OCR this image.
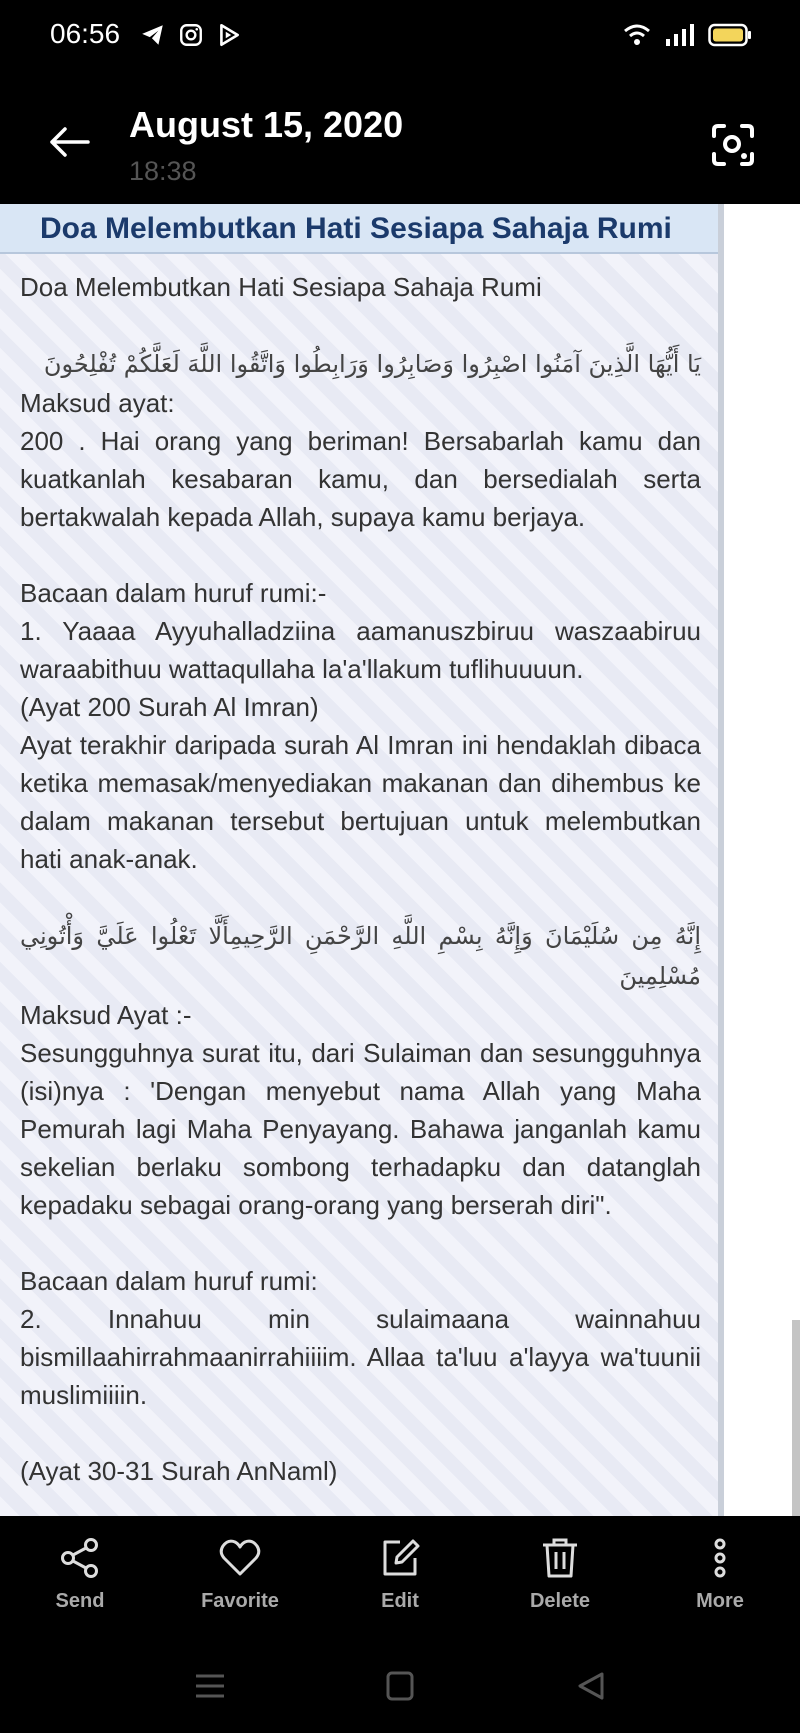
06:56
August 15, 2020
18:38
Doa Melembutkan Hati Sesiapa Sahaja Rumi

Doa Melembutkan Hati Sesiapa Sahaja Rumi

يَا أَيُّهَا الَّذِينَ آمَنُوا اصْبِرُوا وَصَابِرُوا وَرَابِطُوا وَاتَّقُوا اللَّهَ لَعَلَّكُمْ تُفْلِحُونَ

Maksud ayat:

200 . Hai orang yang beriman! Bersabarlah kamu dan kuatkanlah kesabaran kamu, dan bersedialah serta bertakwalah kepada Allah, supaya kamu berjaya.

Bacaan dalam huruf rumi:-

1. Yaaaa Ayyuhalladziina aamanuszbiruu waszaabiruu waraabithuu wattaqullaha la'a'llakum tuflihuuuun.

(Ayat 200 Surah Al Imran)

Ayat terakhir daripada surah Al Imran ini hendaklah dibaca ketika memasak/menyediakan makanan dan dihembus ke dalam makanan tersebut bertujuan untuk melembutkan hati anak-anak.

إِنَّهُ مِن سُلَيْمَانَ وَإِنَّهُ بِسْمِ اللَّهِ الرَّحْمَنِ الرَّحِيمِأَلَّا تَعْلُوا عَلَيَّ وَأْتُونِي مُسْلِمِينَ

Maksud Ayat :-

Sesungguhnya surat itu, dari Sulaiman dan sesungguhnya (isi)nya : 'Dengan menyebut nama Allah yang Maha Pemurah lagi Maha Penyayang. Bahawa janganlah kamu sekelian berlaku sombong terhadapku dan datanglah kepadaku sebagai orang-orang yang berserah diri".

Bacaan dalam huruf rumi:

2. Innahuu min sulaimaana wainnahuu bismillaahirrahmaanirrahiiiim. Allaa ta'luu a'layya wa'tuunii muslimiiiin.

(Ayat 30-31 Surah AnNaml)

Send	Favorite	Edit	Delete	More
